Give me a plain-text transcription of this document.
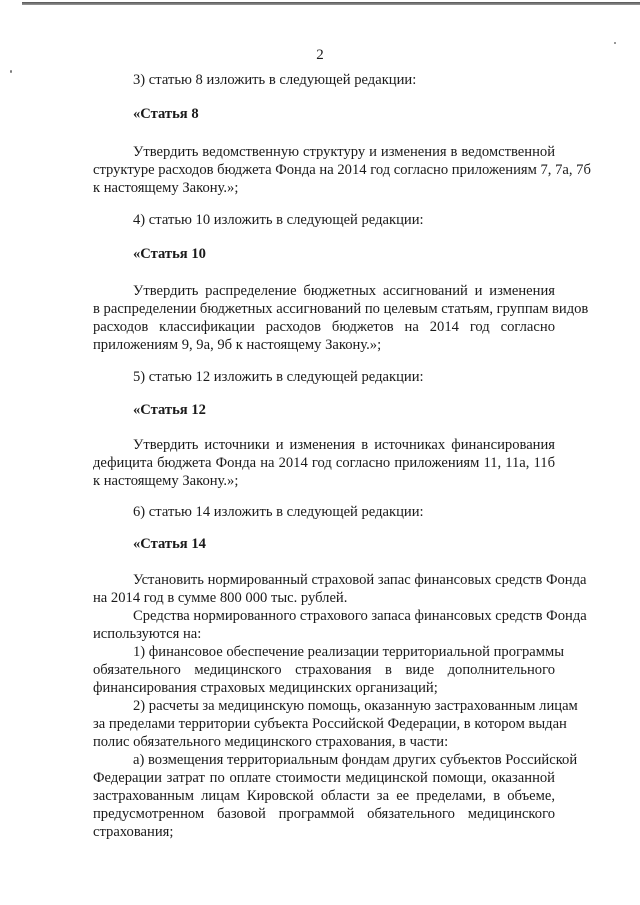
2
3) статью 8 изложить в следующей редакции:
«Статья 8
Утвердить ведомственную структуру и изменения в ведомственной
структуре расходов бюджета Фонда на 2014 год согласно приложениям 7, 7а, 7б
к настоящему Закону.»;
4) статью 10 изложить в следующей редакции:
«Статья 10
Утвердить распределение бюджетных ассигнований и изменения
в распределении бюджетных ассигнований по целевым статьям, группам видов
расходов классификации расходов бюджетов на 2014 год согласно
приложениям 9, 9а, 9б к настоящему Закону.»;
5) статью 12 изложить в следующей редакции:
«Статья 12
Утвердить источники и изменения в источниках финансирования
дефицита бюджета Фонда на 2014 год согласно приложениям 11, 11а, 11б
к настоящему Закону.»;
6) статью 14 изложить в следующей редакции:
«Статья 14
Установить нормированный страховой запас финансовых средств Фонда
на 2014 год в сумме 800 000 тыс. рублей.
Средства нормированного страхового запаса финансовых средств Фонда
используются на:
1) финансовое обеспечение реализации территориальной программы
обязательного медицинского страхования в виде дополнительного
финансирования страховых медицинских организаций;
2) расчеты за медицинскую помощь, оказанную застрахованным лицам
за пределами территории субъекта Российской Федерации, в котором выдан
полис обязательного медицинского страхования, в части:
а) возмещения территориальным фондам других субъектов Российской
Федерации затрат по оплате стоимости медицинской помощи, оказанной
застрахованным лицам Кировской области за ее пределами, в объеме,
предусмотренном базовой программой обязательного медицинского
страхования;
